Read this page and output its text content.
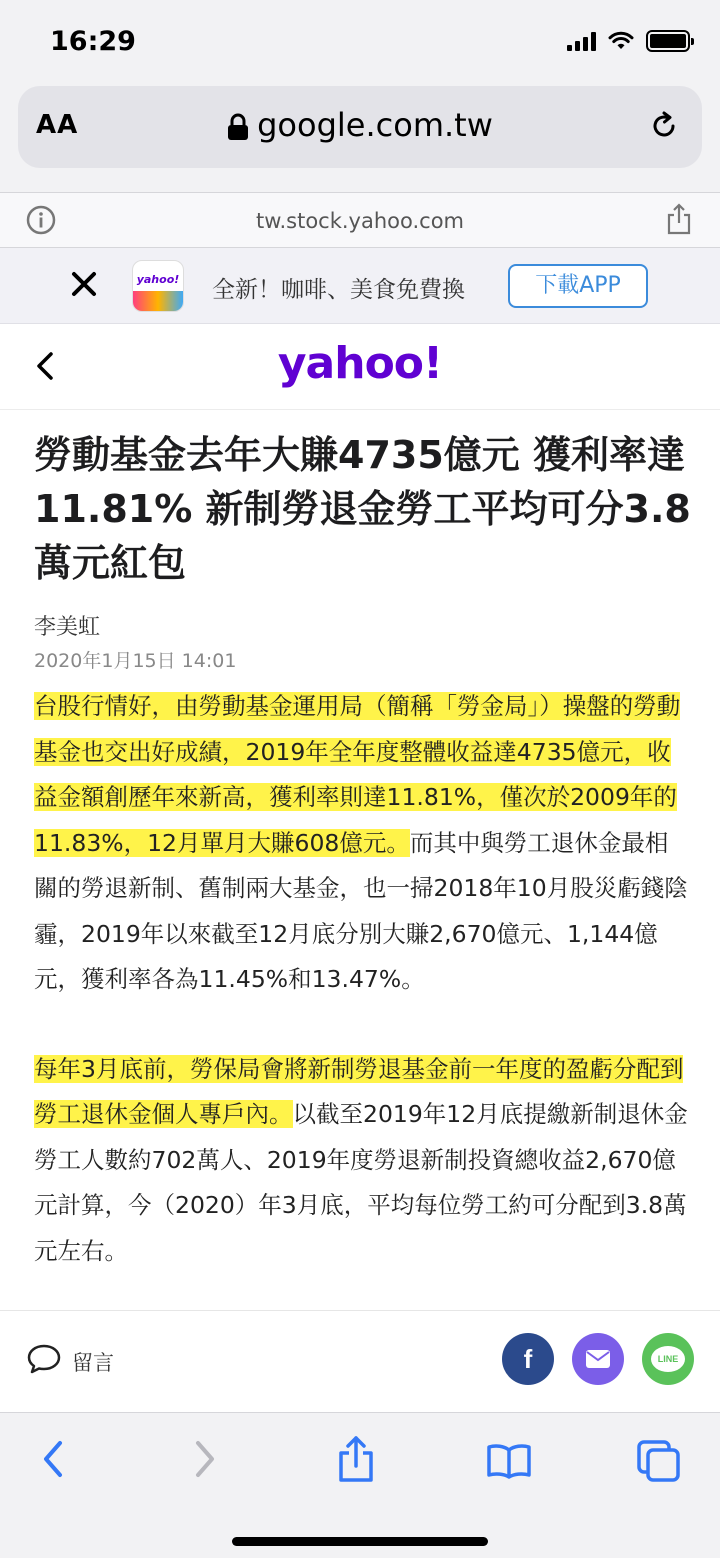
16:29
AA	google.com.tw
tw.stock.yahoo.com
yahoo! 全新！咖啡、美食免費換	下載APP
yahoo!
勞動基金去年大賺4735億元 獲利率達11.81% 新制勞退金勞工平均可分3.8萬元紅包
李美虹
2020年1月15日 14:01

台股行情好，由勞動基金運用局（簡稱「勞金局」）操盤的勞動基金也交出好成績，2019年全年度整體收益達4735億元，收益金額創歷年來新高，獲利率則達11.81%，僅次於2009年的11.83%，12月單月大賺608億元。而其中與勞工退休金最相關的勞退新制、舊制兩大基金，也一掃2018年10月股災虧錢陰霾，2019年以來截至12月底分別大賺2,670億元、1,144億元，獲利率各為11.45%和13.47%。

每年3月底前，勞保局會將新制勞退基金前一年度的盈虧分配到勞工退休金個人專戶內。以截至2019年12月底提繳新制退休金勞工人數約702萬人、2019年度勞退新制投資總收益2,670億元計算，今（2020）年3月底，平均每位勞工約可分配到3.8萬元左右。

留言	f	LINE
